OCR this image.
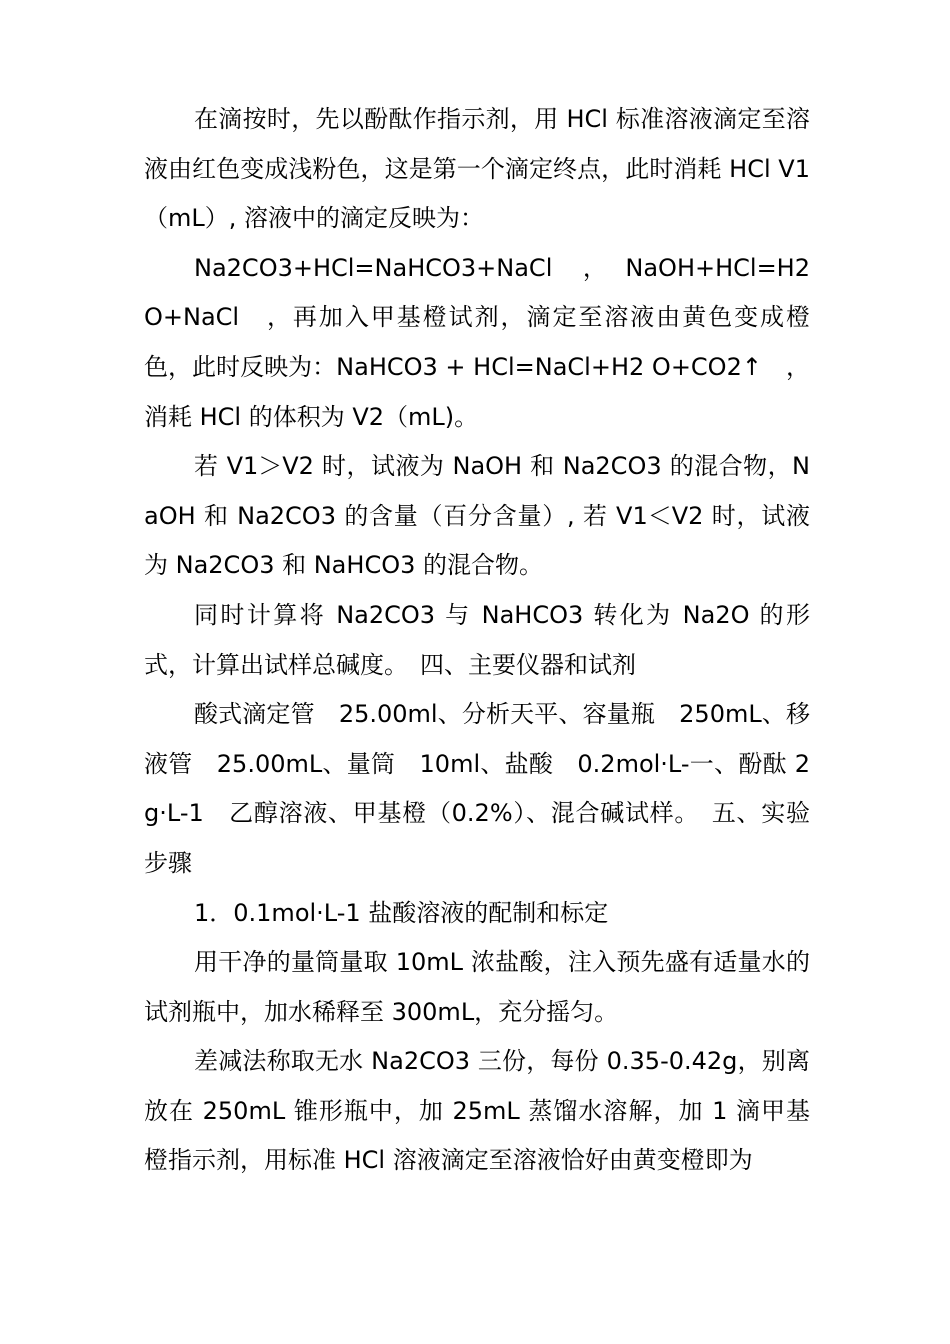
在滴按时，先以酚酞作指示剂，用 HCl 标准溶液滴定至溶液由红色变成浅粉色，这是第一个滴定终点，此时消耗 HCl V1（mL）, 溶液中的滴定反映为：

Na2CO3+HCl=NaHCO3+NaCl　，　NaOH+HCl=H2 O+NaCl　，再加入甲基橙试剂，滴定至溶液由黄色变成橙色，此时反映为：NaHCO3 + HCl=NaCl+H2 O+CO2↑　，消耗 HCl 的体积为 V2（mL)。

若 V1＞V2 时，试液为 NaOH 和 Na2CO3 的混合物，NaOH 和 Na2CO3 的含量（百分含量）, 若 V1＜V2 时，试液为 Na2CO3 和 NaHCO3 的混合物。

同时计算将 Na2CO3 与 NaHCO3 转化为 Na2O 的形式，计算出试样总碱度。　四、主要仪器和试剂

酸式滴定管　25.00ml、分析天平、容量瓶　250mL、移液管　25.00mL、量筒　10ml、盐酸　0.2mol·L-一、酚酞 2g·L-1　乙醇溶液、甲基橙（0.2%）、混合碱试样。　五、实验步骤

1．0.1mol·L-1 盐酸溶液的配制和标定

用干净的量筒量取 10mL 浓盐酸，注入预先盛有适量水的试剂瓶中，加水稀释至 300mL，充分摇匀。

差减法称取无水 Na2CO3 三份，每份 0.35-0.42g，别离放在 250mL 锥形瓶中，加 25mL 蒸馏水溶解，加 1 滴甲基橙指示剂，用标准 HCl 溶液滴定至溶液恰好由黄变橙即为
